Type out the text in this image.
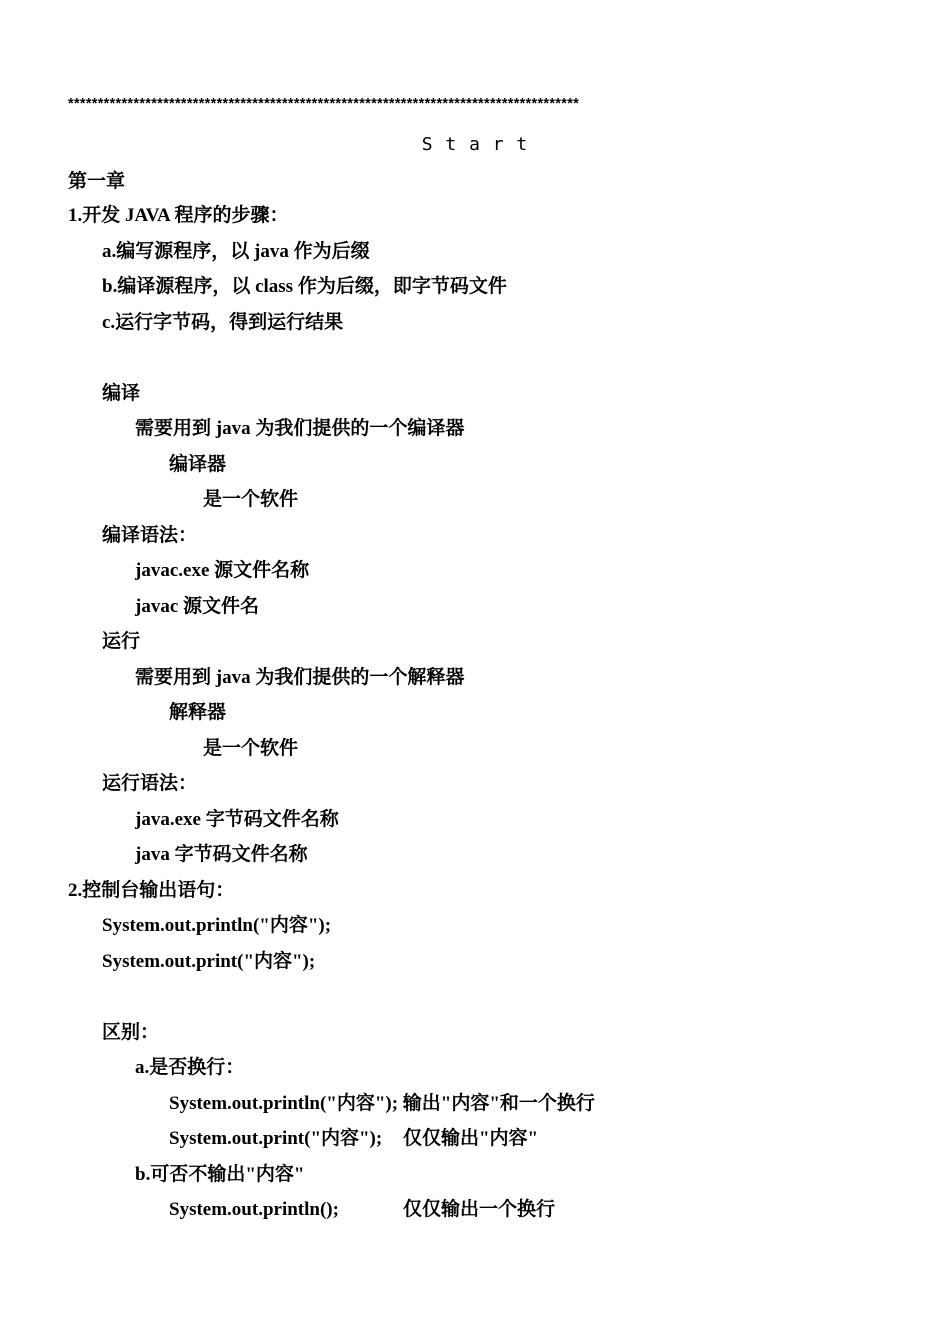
**************************************************************************************
S t a r t
第一章
1.开发 JAVA 程序的步骤：
a.编写源程序，以 java 作为后缀
b.编译源程序，以 class 作为后缀，即字节码文件
c.运行字节码，得到运行结果
编译
需要用到 java 为我们提供的一个编译器
编译器
是一个软件
编译语法：
javac.exe 源文件名称
javac 源文件名
运行
需要用到 java 为我们提供的一个解释器
解释器
是一个软件
运行语法：
java.exe 字节码文件名称
java 字节码文件名称
2.控制台输出语句：
System.out.println("内容");
System.out.print("内容");
区别：
a.是否换行：
System.out.println("内容"); 输出"内容"和一个换行
System.out.print("内容"); 仅仅输出"内容"
b.可否不输出"内容"
System.out.println();	仅仅输出一个换行
